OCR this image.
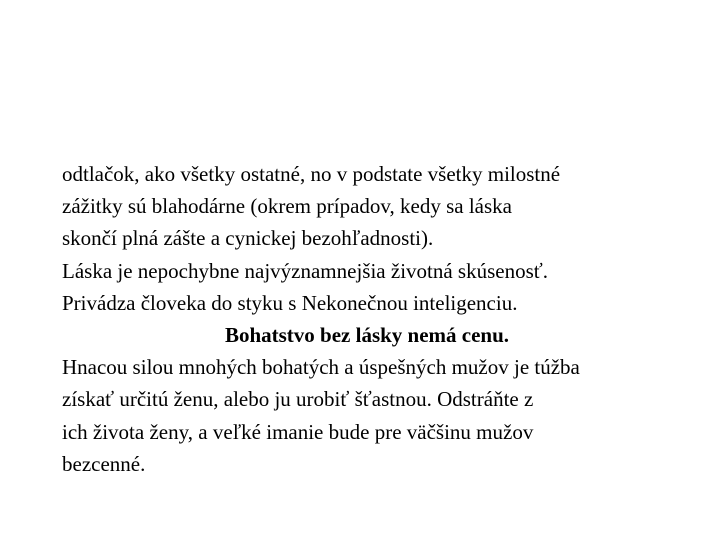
odtlačok, ako všetky ostatné, no v podstate všetky milostné
zážitky sú blahodárne (okrem prípadov, kedy sa láska
skončí plná zášte a cynickej bezohľadnosti).

Láska je nepochybne najvýznamnejšia životná skúsenosť.
Privádza človeka do styku s Nekonečnou inteligenciu.

Bohatstvo bez lásky nemá cenu.

Hnacou silou mnohých bohatých a úspešných mužov je túžba
získať určitú ženu, alebo ju urobiť šťastnou. Odstráňte z
ich života ženy, a veľké imanie bude pre väčšinu mužov
bezcenné.
